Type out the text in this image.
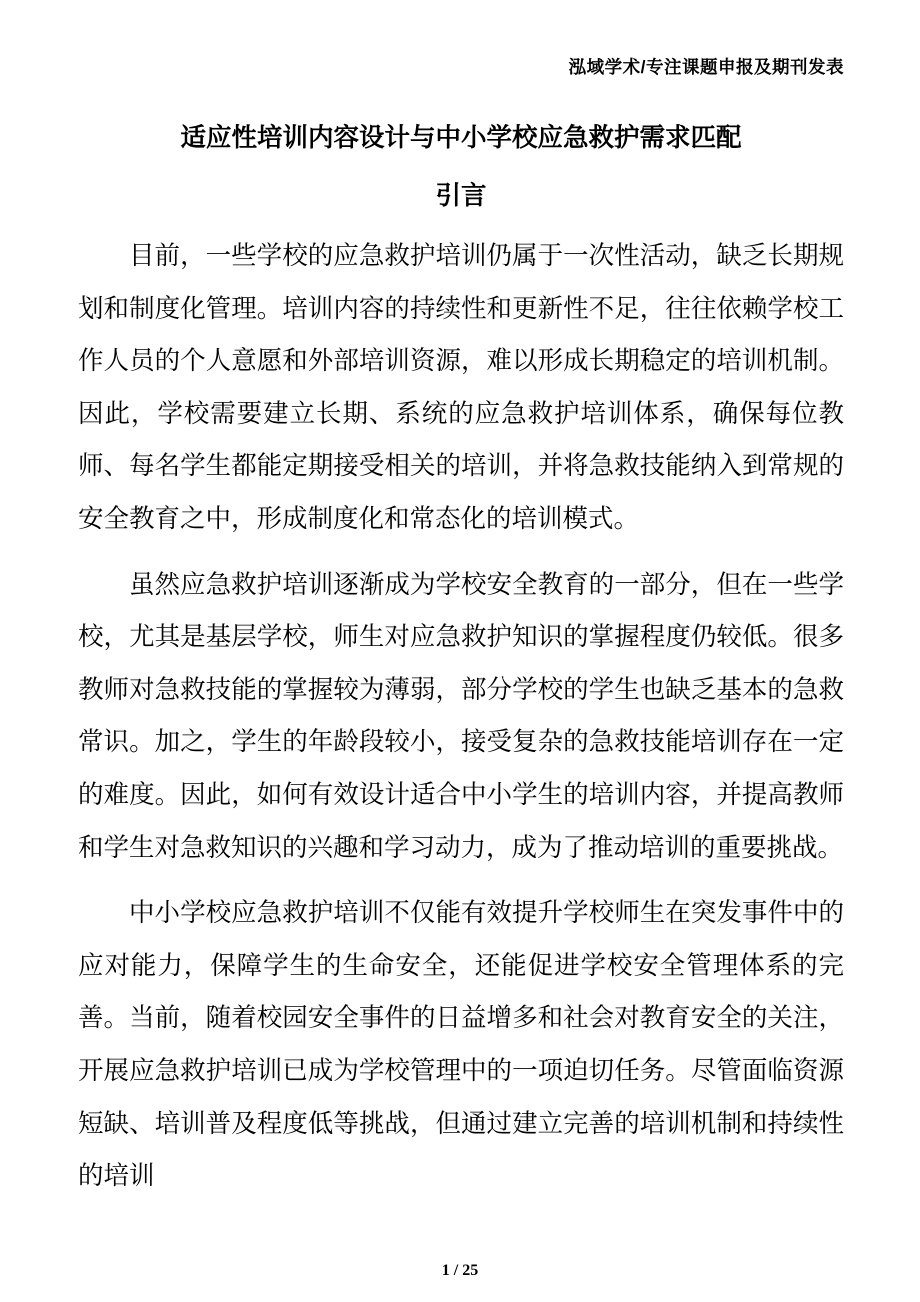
泓域学术/专注课题申报及期刊发表
适应性培训内容设计与中小学校应急救护需求匹配
引言

目前，一些学校的应急救护培训仍属于一次性活动，缺乏长期规划和制度化管理。培训内容的持续性和更新性不足，往往依赖学校工作人员的个人意愿和外部培训资源，难以形成长期稳定的培训机制。因此，学校需要建立长期、系统的应急救护培训体系，确保每位教师、每名学生都能定期接受相关的培训，并将急救技能纳入到常规的安全教育之中，形成制度化和常态化的培训模式。

虽然应急救护培训逐渐成为学校安全教育的一部分，但在一些学校，尤其是基层学校，师生对应急救护知识的掌握程度仍较低。很多教师对急救技能的掌握较为薄弱，部分学校的学生也缺乏基本的急救常识。加之，学生的年龄段较小，接受复杂的急救技能培训存在一定的难度。因此，如何有效设计适合中小学生的培训内容，并提高教师和学生对急救知识的兴趣和学习动力，成为了推动培训的重要挑战。

中小学校应急救护培训不仅能有效提升学校师生在突发事件中的应对能力，保障学生的生命安全，还能促进学校安全管理体系的完善。当前，随着校园安全事件的日益增多和社会对教育安全的关注，开展应急救护培训已成为学校管理中的一项迫切任务。尽管面临资源短缺、培训普及程度低等挑战，但通过建立完善的培训机制和持续性的培训

1 / 25
